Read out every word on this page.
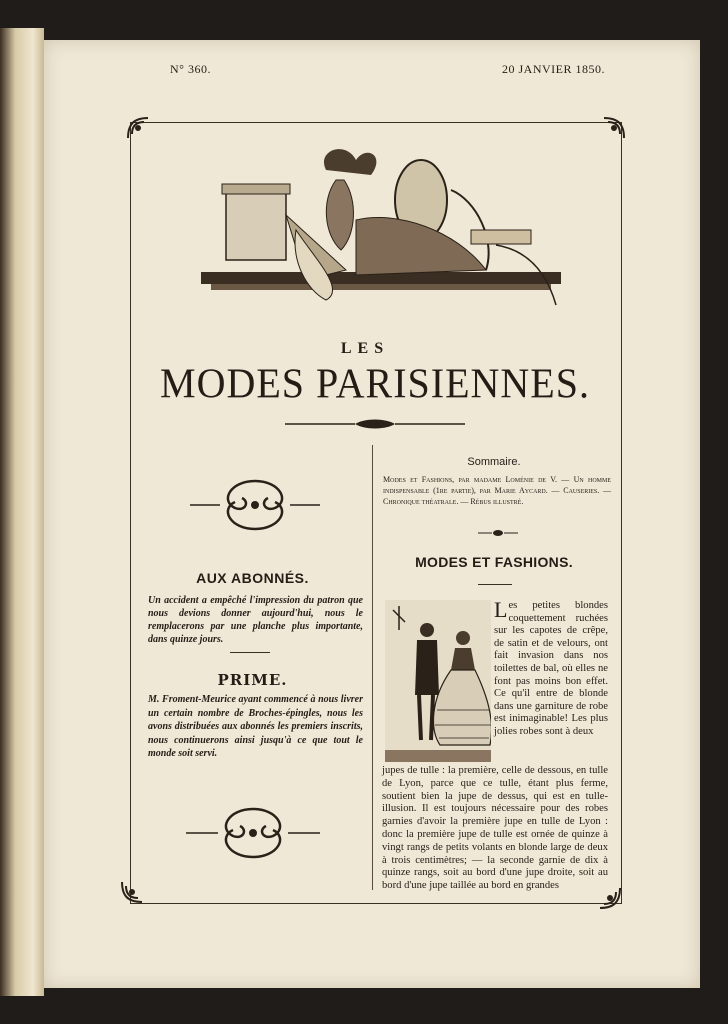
N° 360.	20 JANVIER 1850.
LES
MODES PARISIENNES.
AUX ABONNÉS.
Un accident a empêché l'impression du patron que nous devions donner aujourd'hui, nous le remplacerons par une planche plus importante, dans quinze jours.
PRIME.
M. Froment-Meurice ayant commencé à nous livrer un certain nombre de Broches-épingles, nous les avons distribuées aux abonnés les premiers inscrits, nous continuerons ainsi jusqu'à ce que tout le monde soit servi.
Sommaire.
Modes et Fashions, par madame Loménie de V. — Un homme indispensable (1re partie), par Marie Aycard. — Causeries. — Chronique théatrale. — Rébus illustré.
MODES ET FASHIONS.
Les petites blondes coquettement ruchées sur les capotes de crêpe, de satin et de velours, ont fait invasion dans nos toilettes de bal, où elles ne font pas moins bon effet. Ce qu'il entre de blonde dans une garniture de robe est inimaginable! Les plus jolies robes sont à deux
jupes de tulle : la première, celle de dessous, en tulle de Lyon, parce que ce tulle, étant plus ferme, soutient bien la jupe de dessus, qui est en tulle-illusion. Il est toujours nécessaire pour des robes garnies d'avoir la première jupe en tulle de Lyon : donc la première jupe de tulle est ornée de quinze à vingt rangs de petits volants en blonde large de deux à trois centimètres; — la seconde garnie de dix à quinze rangs, soit au bord d'une jupe droite, soit au bord d'une jupe taillée au bord en grandes
